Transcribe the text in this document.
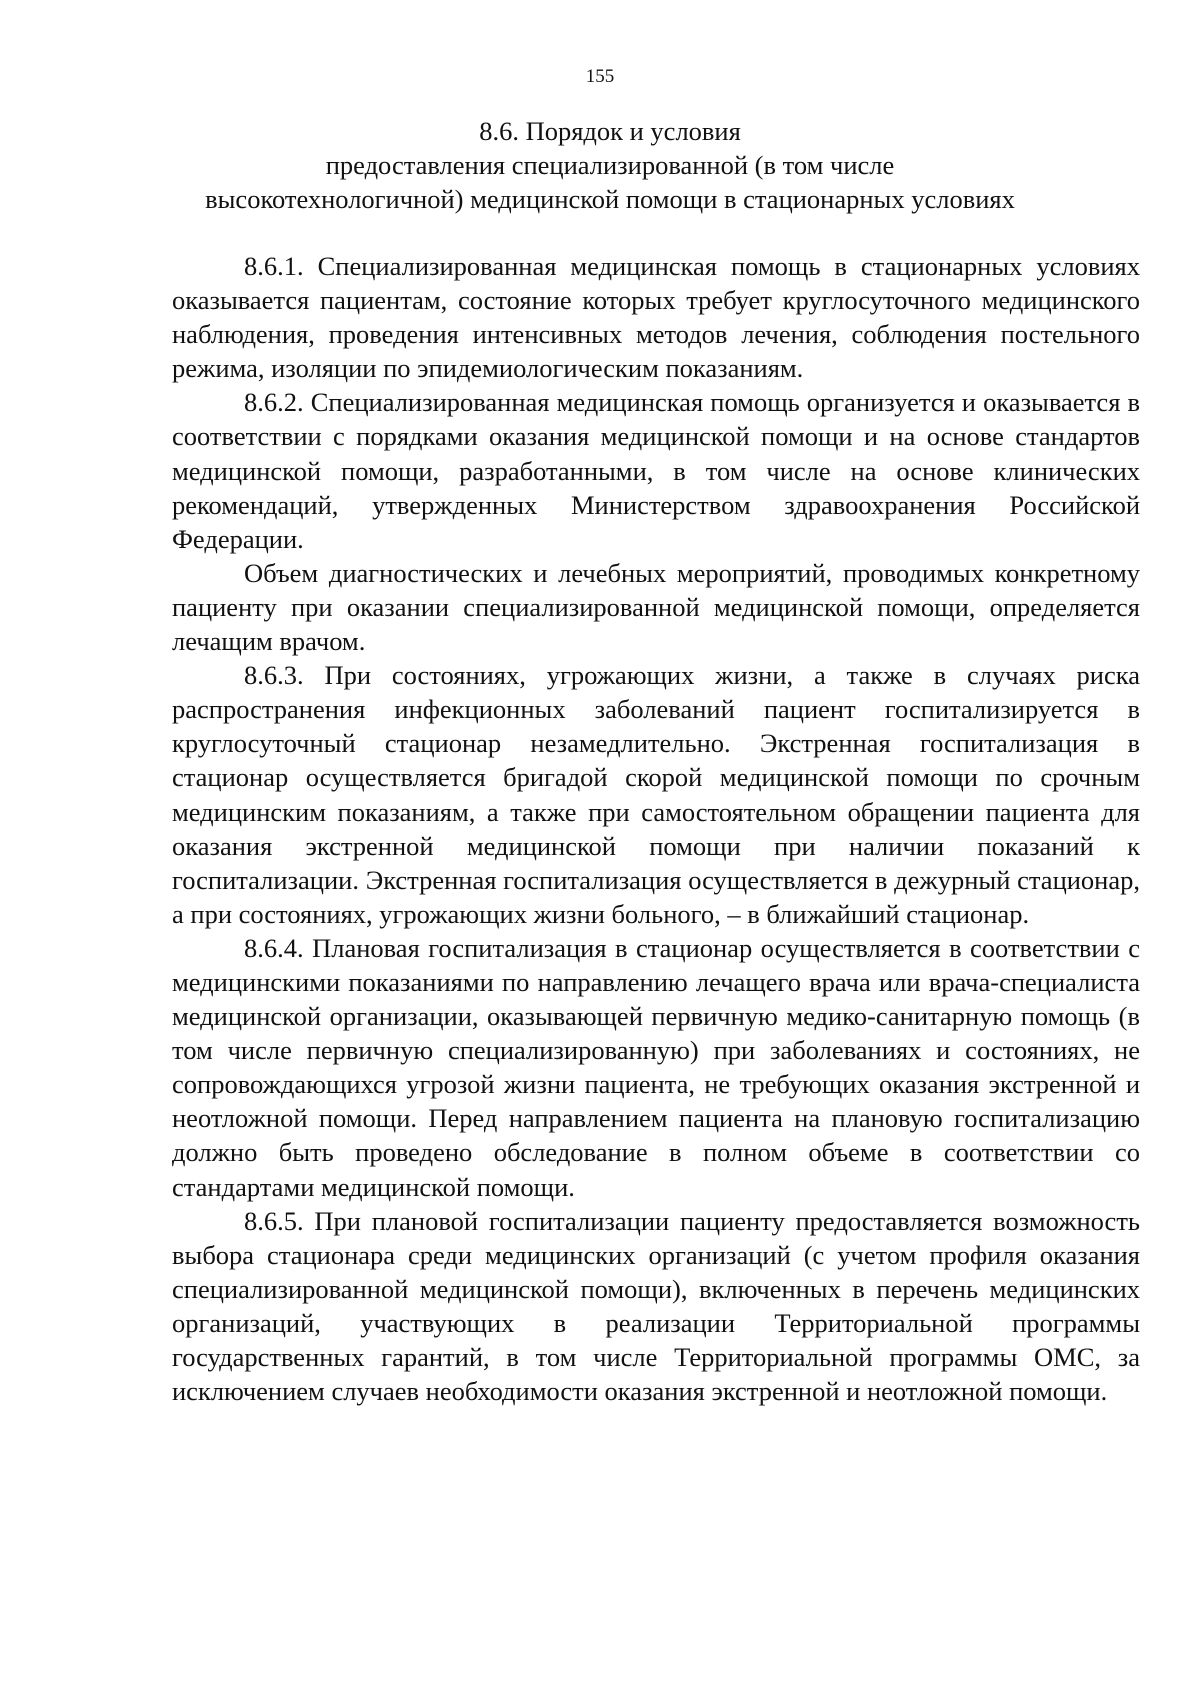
155
8.6. Порядок и условия
предоставления специализированной (в том числе
высокотехнологичной) медицинской помощи в стационарных условиях

8.6.1. Специализированная медицинская помощь в стационарных условиях оказывается пациентам, состояние которых требует круглосуточного медицинского наблюдения, проведения интенсивных методов лечения, соблюдения постельного режима, изоляции по эпидемиологическим показаниям.

8.6.2. Специализированная медицинская помощь организуется и оказывается в соответствии с порядками оказания медицинской помощи и на основе стандартов медицинской помощи, разработанными, в том числе на основе клинических рекомендаций, утвержденных Министерством здравоохранения Российской Федерации.

Объем диагностических и лечебных мероприятий, проводимых конкретному пациенту при оказании специализированной медицинской помощи, определяется лечащим врачом.

8.6.3. При состояниях, угрожающих жизни, а также в случаях риска распространения инфекционных заболеваний пациент госпитализируется в круглосуточный стационар незамедлительно. Экстренная госпитализация в стационар осуществляется бригадой скорой медицинской помощи по срочным медицинским показаниям, а также при самостоятельном обращении пациента для оказания экстренной медицинской помощи при наличии показаний к госпитализации. Экстренная госпитализация осуществляется в дежурный стационар, а при состояниях, угрожающих жизни больного, – в ближайший стационар.

8.6.4. Плановая госпитализация в стационар осуществляется в соответствии с медицинскими показаниями по направлению лечащего врача или врача-специалиста медицинской организации, оказывающей первичную медико-санитарную помощь (в том числе первичную специализированную) при заболеваниях и состояниях, не сопровождающихся угрозой жизни пациента, не требующих оказания экстренной и неотложной помощи. Перед направлением пациента на плановую госпитализацию должно быть проведено обследование в полном объеме в соответствии со стандартами медицинской помощи.

8.6.5. При плановой госпитализации пациенту предоставляется возможность выбора стационара среди медицинских организаций (с учетом профиля оказания специализированной медицинской помощи), включенных в перечень медицинских организаций, участвующих в реализации Территориальной программы государственных гарантий, в том числе Территориальной программы ОМС, за исключением случаев необходимости оказания экстренной и неотложной помощи.
